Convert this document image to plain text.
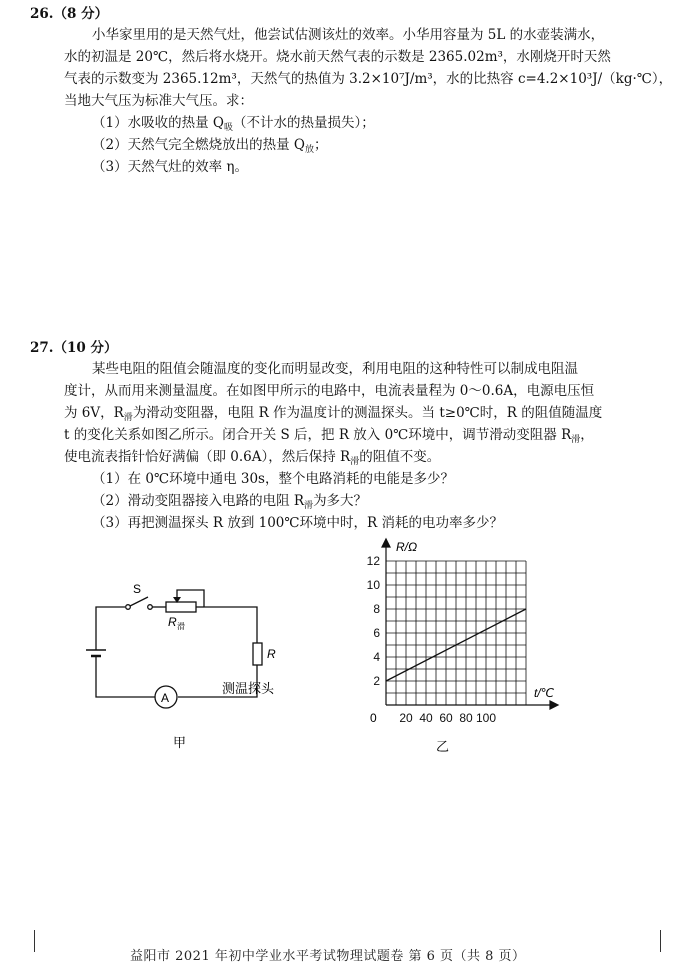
26.（8 分）
小华家里用的是天然气灶，他尝试估测该灶的效率。小华用容量为 5L 的水壶装满水，
水的初温是 20℃，然后将水烧开。烧水前天然气表的示数是 2365.02m³，水刚烧开时天然
气表的示数变为 2365.12m³，天然气的热值为 3.2×10⁷J/m³，水的比热容 c=4.2×10³J/（kg·℃），
当地大气压为标准大气压。求：
（1）水吸收的热量 $Q_吸$（不计水的热量损失）；
（2）天然气完全燃烧放出的热量 $Q_放$；
（3）天然气灶的效率 η。
27.（10 分）
某些电阻的阻值会随温度的变化而明显改变，利用电阻的这种特性可以制成电阻温
度计，从而用来测量温度。在如图甲所示的电路中，电流表量程为 0～0.6A，电源电压恒
为 6V，$R_滑$为滑动变阻器，电阻 R 作为温度计的测温探头。当 t≥0℃时，R 的阻值随温度
t 的变化关系如图乙所示。闭合开关 S 后，把 R 放入 0℃环境中，调节滑动变阻器 $R_滑$，
使电流表指针恰好满偏（即 0.6A），然后保持 $R_滑$的阻值不变。
（1）在 0℃环境中通电 30s，整个电路消耗的电能是多少？
（2）滑动变阻器接入电路的电阻 $R_滑$为多大？
（3）再把测温探头 R 放到 100℃环境中时，R 消耗的电功率多少？
S
R 滑
R
A
测温探头
甲
2
4
6
8
10
12
20 40 60 80 100
R/Ω
t/℃
0
乙
益阳市 2021 年初中学业水平考试物理试题卷 第 6 页（共 8 页）
